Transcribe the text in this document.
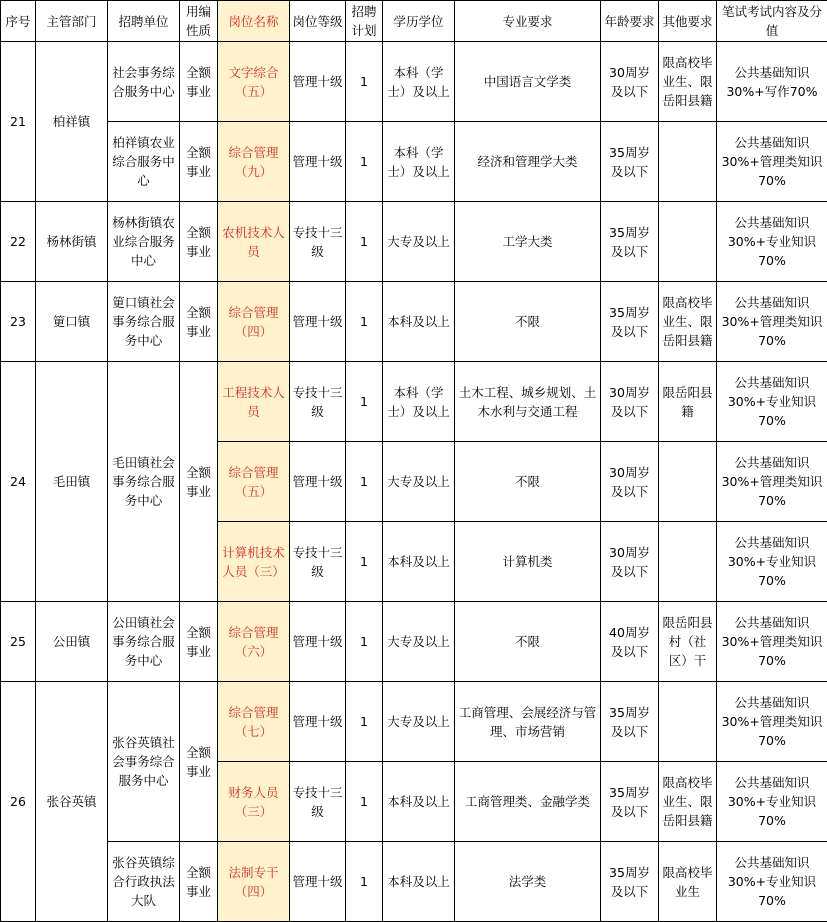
序号	主管部门	招聘单位	用编性质	岗位名称	岗位等级	招聘计划	学历学位	专业要求	年龄要求	其他要求	笔试考试内容及分值
21	柏祥镇	社会事务综合服务中心	全额事业	文字综合（五）	管理十级	1	本科（学士）及以上	中国语言文学类	30周岁及以下	限高校毕业生、限岳阳县籍	公共基础知识30%+写作70%
		柏祥镇农业综合服务中心	全额事业	综合管理（九）	管理十级	1	本科（学士）及以上	经济和管理学大类	35周岁及以下		公共基础知识30%+管理类知识70%
22	杨林街镇	杨林街镇农业综合服务中心	全额事业	农机技术人员	专技十三级	1	大专及以上	工学大类	35周岁及以下		公共基础知识30%+专业知识70%
23	筻口镇	筻口镇社会事务综合服务中心	全额事业	综合管理（四）	管理十级	1	本科及以上	不限	35周岁及以下	限高校毕业生、限岳阳县籍	公共基础知识30%+管理类知识70%
24	毛田镇	毛田镇社会事务综合服务中心	全额事业	工程技术人员	专技十三级	1	本科（学士）及以上	土木工程、城乡规划、土木水利与交通工程	30周岁及以下	限岳阳县籍	公共基础知识30%+专业知识70%
				综合管理（五）	管理十级	1	大专及以上	不限	30周岁及以下		公共基础知识30%+管理类知识70%
				计算机技术人员（三）	专技十三级	1	本科及以上	计算机类	30周岁及以下		公共基础知识30%+专业知识70%
25	公田镇	公田镇社会事务综合服务中心	全额事业	综合管理（六）	管理十级	1	大专及以上	不限	40周岁及以下	限岳阳县村（社区）干	公共基础知识30%+管理类知识70%
26	张谷英镇	张谷英镇社会事务综合服务中心	全额事业	综合管理（七）	管理十级	1	大专及以上	工商管理、会展经济与管理、市场营销	35周岁及以下		公共基础知识30%+管理类知识70%
				财务人员（三）	专技十三级	1	本科及以上	工商管理类、金融学类	35周岁及以下	限高校毕业生、限岳阳县籍	公共基础知识30%+专业知识70%
		张谷英镇综合行政执法大队	全额事业	法制专干（四）	管理十级	1	本科及以上	法学类	35周岁及以下	限高校毕业生	公共基础知识30%+专业知识70%
